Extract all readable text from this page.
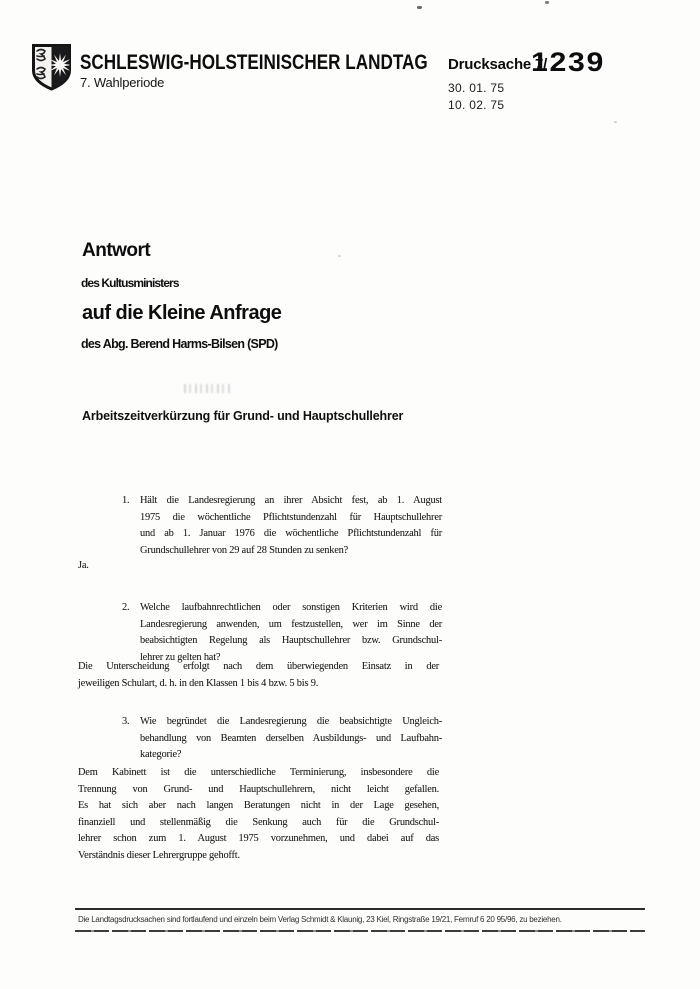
SCHLESWIG-HOLSTEINISCHER LANDTAG
7. Wahlperiode
Drucksache 7/
1239
30. 01. 75
10. 02. 75
Antwort
des Kultusministers
auf die Kleine Anfrage
des Abg. Berend Harms-Bilsen (SPD)
Arbeitszeitverkürzung für Grund- und Hauptschullehrer
1. Hält die Landesregierung an ihrer Absicht fest, ab 1. August
1975 die wöchentliche Pflichtstundenzahl für Hauptschullehrer
und ab 1. Januar 1976 die wöchentliche Pflichtstundenzahl für
Grundschullehrer von 29 auf 28 Stunden zu senken?
Ja.
2. Welche laufbahnrechtlichen oder sonstigen Kriterien wird die
Landesregierung anwenden, um festzustellen, wer im Sinne der
beabsichtigten Regelung als Hauptschullehrer bzw. Grundschul-
lehrer zu gelten hat?
Die Unterscheidung erfolgt nach dem überwiegenden Einsatz in der
jeweiligen Schulart, d. h. in den Klassen 1 bis 4 bzw. 5 bis 9.
3. Wie begründet die Landesregierung die beabsichtigte Ungleich-
behandlung von Beamten derselben Ausbildungs- und Laufbahn-
kategorie?
Dem Kabinett ist die unterschiedliche Terminierung, insbesondere die
Trennung von Grund- und Hauptschullehrern, nicht leicht gefallen.
Es hat sich aber nach langen Beratungen nicht in der Lage gesehen,
finanziell und stellenmäßig die Senkung auch für die Grundschul-
lehrer schon zum 1. August 1975 vorzunehmen, und dabei auf das
Verständnis dieser Lehrergruppe gehofft.
Die Landtagsdrucksachen sind fortlaufend und einzeln beim Verlag Schmidt & Klaunig, 23 Kiel, Ringstraße 19/21, Fernruf 6 20 95/96, zu beziehen.
